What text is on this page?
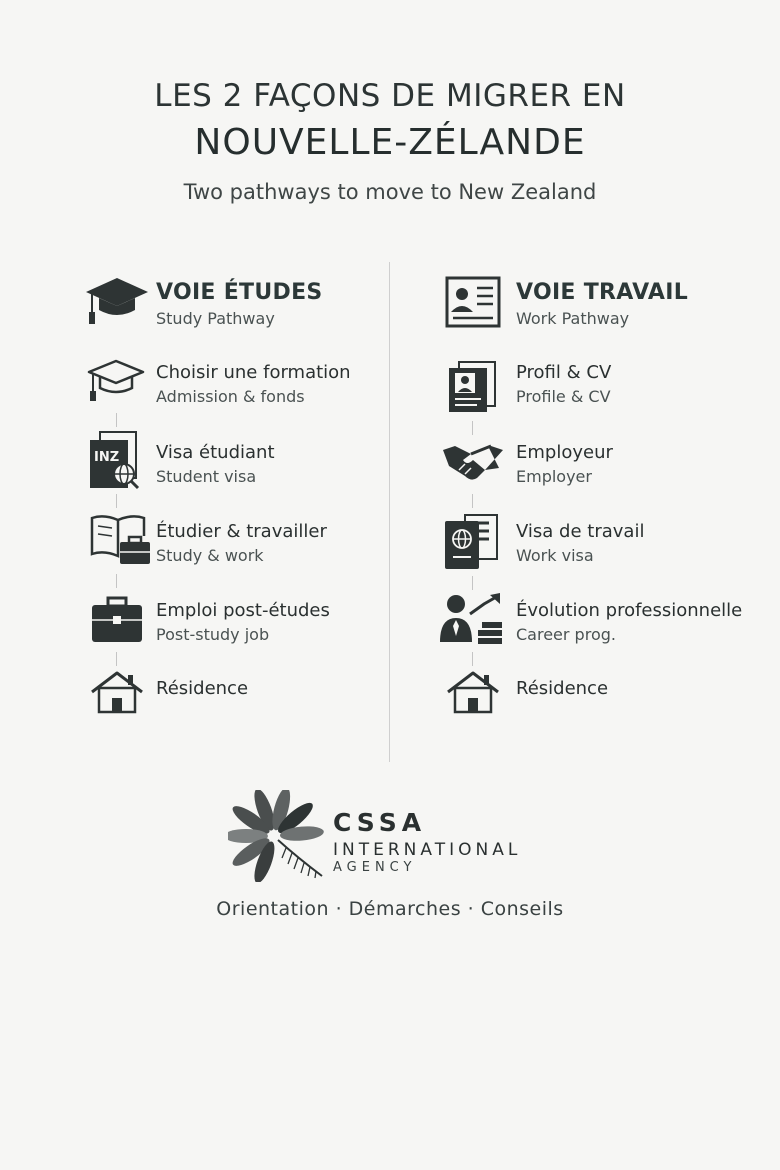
LES 2 FAÇONS DE MIGRER EN
NOUVELLE-ZÉLANDE
Two pathways to move to New Zealand
VOIE ÉTUDES
Study Pathway
Choisir une formation
Admission & fonds
INZ Visa étudiant
Student visa
Étudier & travailler
Study & work
Emploi post-études
Post-study job
Résidence
VOIE TRAVAIL
Work Pathway
Profil & CV
Profile & CV
Employeur
Employer
Visa de travail
Work visa
Évolution professionnelle
Career prog.
Résidence
CSSA
INTERNATIONAL
AGENCY
Orientation · Démarches · Conseils
